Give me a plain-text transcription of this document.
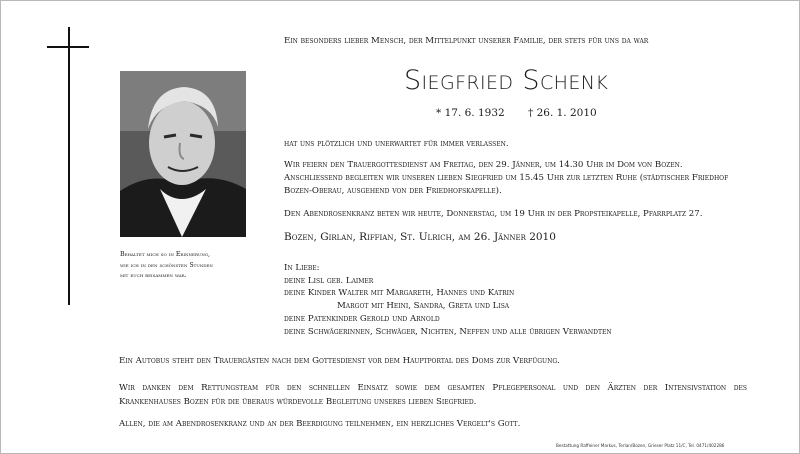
Ein besonders lieber Mensch, der Mittelpunkt unserer Familie, der stets für uns da war
Behaltet mich so in Erinnerung,
wie ich in den schönsten Stunden
mit euch beisammen war.
Siegfried Schenk
* 17. 6. 1932 † 26. 1. 2010
hat uns plötzlich und unerwartet für immer verlassen.
Wir feiern den Trauergottesdienst am Freitag, den 29. Jänner, um 14.30 Uhr im Dom von Bozen.
Anschliessend begleiten wir unseren lieben Siegfried um 15.45 Uhr zur letzten Ruhe (städtischer Friedhof
Bozen-Oberau, ausgehend von der Friedhofskapelle).
Den Abendrosenkranz beten wir heute, Donnerstag, um 19 Uhr in der Propsteikapelle, Pfarrplatz 27.
Bozen, Girlan, Riffian, St. Ulrich, am 26. Jänner 2010
In Liebe:
deine Lisl geb. Laimer
deine Kinder Walter mit Margareth, Hannes und Katrin
Margot mit Heini, Sandra, Greta und Lisa
deine Patenkinder Gerold und Arnold
deine Schwägerinnen, Schwäger, Nichten, Neffen und alle übrigen Verwandten
Ein Autobus steht den Trauergästen nach dem Gottesdienst vor dem Hauptportal des Doms zur Verfügung.
Wir danken dem Rettungsteam für den schnellen Einsatz sowie dem gesamten Pflegepersonal und den Ärzten der Intensivstation des
Krankenhauses Bozen für die überaus würdevolle Begleitung unseres lieben Siegfried.
Allen, die am Abendrosenkranz und an der Beerdigung teilnehmen, ein herzliches Vergelt's Gott.
Bestattung Raffeiner Markus, Terlan/Bozen, Grieser Platz 11/C, Tel. 0471/402286
